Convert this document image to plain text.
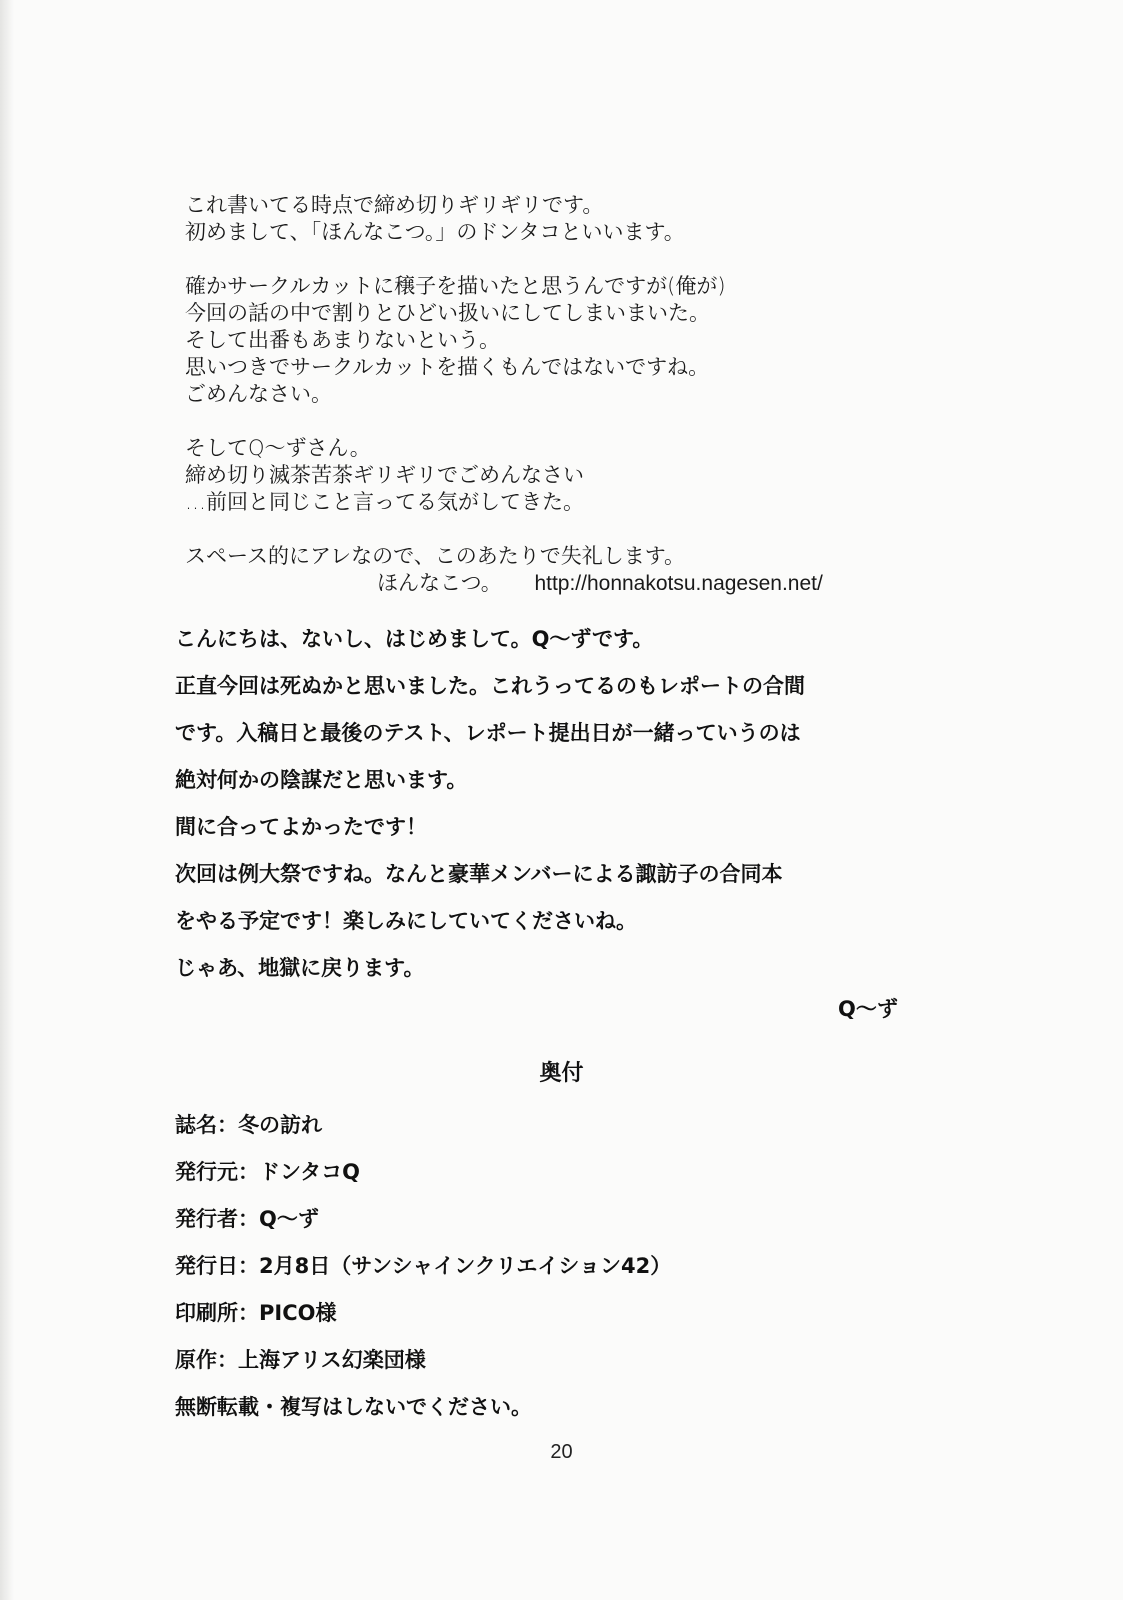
これ書いてる時点で締め切りギリギリです。
初めまして、「ほんなこつ。」のドンタコといいます。
確かサークルカットに穣子を描いたと思うんですが(俺が)
今回の話の中で割りとひどい扱いにしてしまいまいた。
そして出番もあまりないという。
思いつきでサークルカットを描くもんではないですね。
ごめんなさい。
そしてQ～ずさん。
締め切り滅茶苦茶ギリギリでごめんなさい
…前回と同じこと言ってる気がしてきた。
スペース的にアレなので、このあたりで失礼します。
ほんなこつ。 http://honnakotsu.nagesen.net/
こんにちは、ないし、はじめまして。Q～ずです。
正直今回は死ぬかと思いました。これうってるのもレポートの合間
です。入稿日と最後のテスト、レポート提出日が一緒っていうのは
絶対何かの陰謀だと思います。
間に合ってよかったです！
次回は例大祭ですね。なんと豪華メンバーによる諏訪子の合同本
をやる予定です！楽しみにしていてくださいね。
じゃあ、地獄に戻ります。
Q～ず
奥付
誌名：冬の訪れ
発行元：ドンタコQ
発行者：Q～ず
発行日：2月8日（サンシャインクリエイション42）
印刷所：PICO様
原作：上海アリス幻楽団様
無断転載・複写はしないでください。
20
